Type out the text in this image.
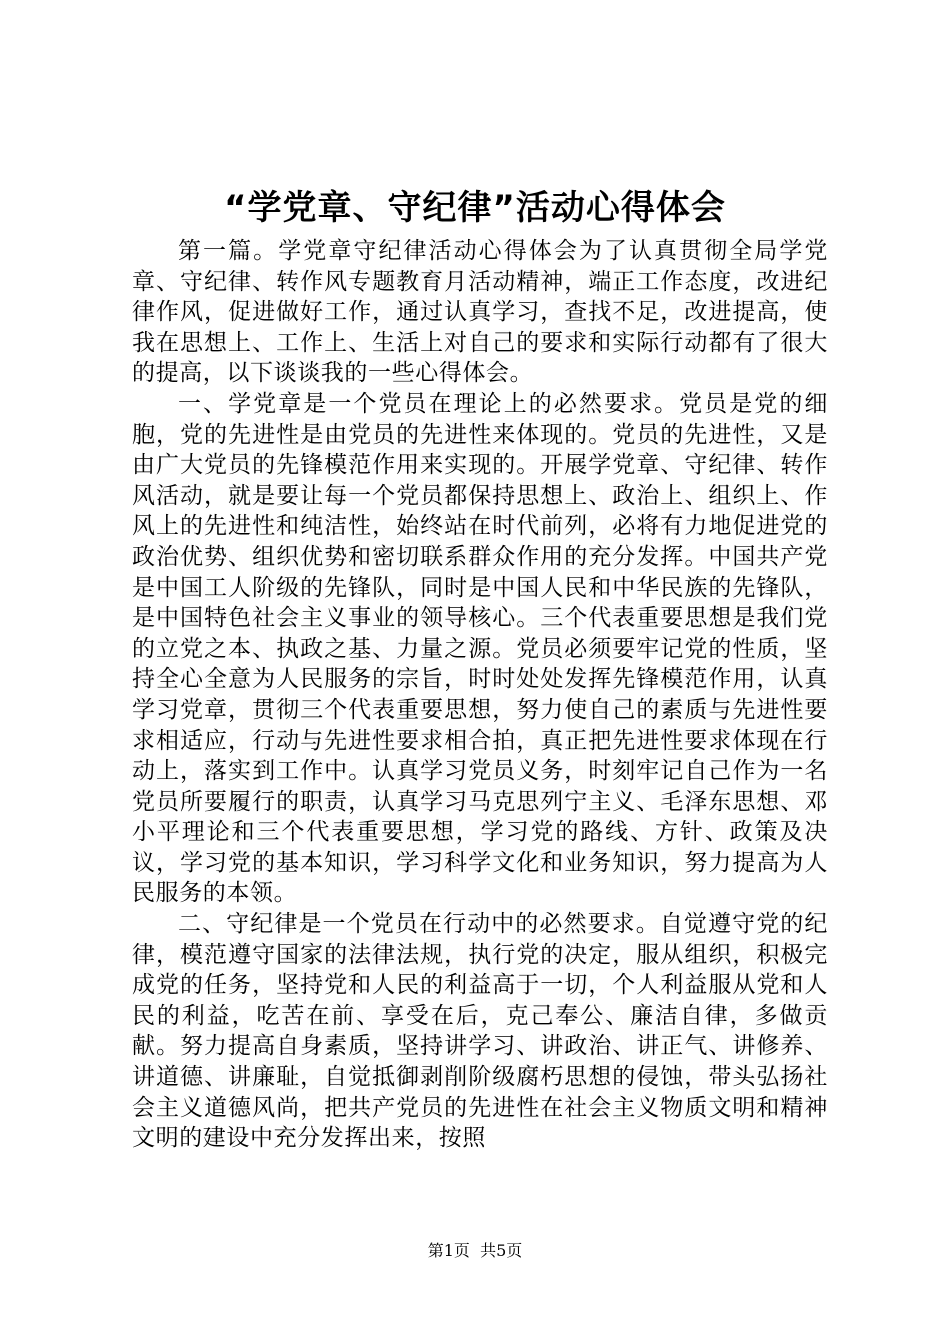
“学党章、守纪律”活动心得体会

第一篇。学党章守纪律活动心得体会为了认真贯彻全局学党章、守纪律、转作风专题教育月活动精神，端正工作态度，改进纪律作风，促进做好工作，通过认真学习，查找不足，改进提高，使我在思想上、工作上、生活上对自己的要求和实际行动都有了很大的提高，以下谈谈我的一些心得体会。

一、学党章是一个党员在理论上的必然要求。党员是党的细胞，党的先进性是由党员的先进性来体现的。党员的先进性，又是由广大党员的先锋模范作用来实现的。开展学党章、守纪律、转作风活动，就是要让每一个党员都保持思想上、政治上、组织上、作风上的先进性和纯洁性，始终站在时代前列，必将有力地促进党的政治优势、组织优势和密切联系群众作用的充分发挥。中国共产党是中国工人阶级的先锋队，同时是中国人民和中华民族的先锋队，是中国特色社会主义事业的领导核心。三个代表重要思想是我们党的立党之本、执政之基、力量之源。党员必须要牢记党的性质，坚持全心全意为人民服务的宗旨，时时处处发挥先锋模范作用，认真学习党章，贯彻三个代表重要思想，努力使自己的素质与先进性要求相适应，行动与先进性要求相合拍，真正把先进性要求体现在行动上，落实到工作中。认真学习党员义务，时刻牢记自己作为一名党员所要履行的职责，认真学习马克思列宁主义、毛泽东思想、邓小平理论和三个代表重要思想，学习党的路线、方针、政策及决议，学习党的基本知识，学习科学文化和业务知识，努力提高为人民服务的本领。

二、守纪律是一个党员在行动中的必然要求。自觉遵守党的纪律，模范遵守国家的法律法规，执行党的决定，服从组织，积极完成党的任务，坚持党和人民的利益高于一切，个人利益服从党和人民的利益，吃苦在前、享受在后，克己奉公、廉洁自律，多做贡献。努力提高自身素质，坚持讲学习、讲政治、讲正气、讲修养、讲道德、讲廉耻，自觉抵御剥削阶级腐朽思想的侵蚀，带头弘扬社会主义道德风尚，把共产党员的先进性在社会主义物质文明和精神文明的建设中充分发挥出来，按照

第1页 共5页
